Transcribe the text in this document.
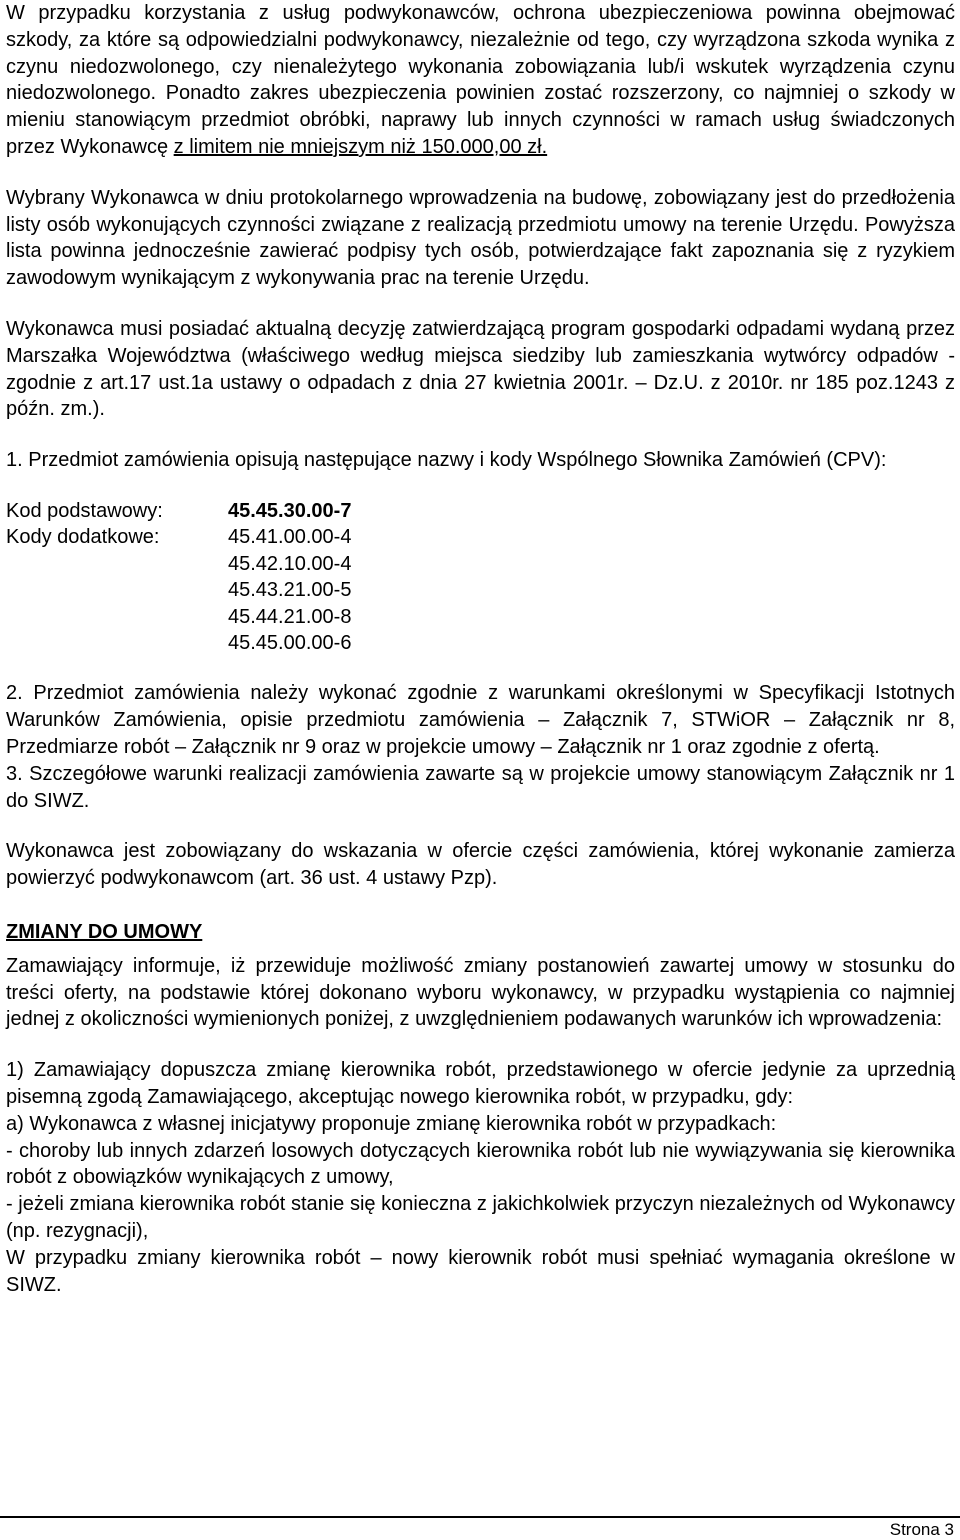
W przypadku korzystania z usług podwykonawców, ochrona ubezpieczeniowa powinna obejmować szkody, za które są odpowiedzialni podwykonawcy, niezależnie od tego, czy wyrządzona szkoda wynika z czynu niedozwolonego, czy nienależytego wykonania zobowiązania lub/i wskutek wyrządzenia czynu niedozwolonego. Ponadto zakres ubezpieczenia powinien zostać rozszerzony, co najmniej o szkody w mieniu stanowiącym przedmiot obróbki, naprawy lub innych czynności w ramach usług świadczonych przez Wykonawcę z limitem nie mniejszym niż 150.000,00 zł.

Wybrany Wykonawca w dniu protokolarnego wprowadzenia na budowę, zobowiązany jest do przedłożenia listy osób wykonujących czynności związane z realizacją przedmiotu umowy na terenie Urzędu. Powyższa lista powinna jednocześnie zawierać podpisy tych osób, potwierdzające fakt zapoznania się z ryzykiem zawodowym wynikającym z wykonywania prac na terenie Urzędu.

Wykonawca musi posiadać aktualną decyzję zatwierdzającą program gospodarki odpadami wydaną przez Marszałka Województwa (właściwego według miejsca siedziby lub zamieszkania wytwórcy odpadów - zgodnie z art.17 ust.1a ustawy o odpadach z dnia 27 kwietnia 2001r. – Dz.U. z 2010r. nr 185 poz.1243 z późn. zm.).

1. Przedmiot zamówienia opisują następujące nazwy i kody Wspólnego Słownika Zamówień (CPV):

Kod podstawowy:	45.45.30.00-7
Kody dodatkowe:	45.41.00.00-4
45.42.10.00-4
45.43.21.00-5
45.44.21.00-8
45.45.00.00-6

2. Przedmiot zamówienia należy wykonać zgodnie z warunkami określonymi w Specyfikacji Istotnych Warunków Zamówienia, opisie przedmiotu zamówienia – Załącznik 7, STWiOR – Załącznik nr 8, Przedmiarze robót – Załącznik nr 9 oraz w projekcie umowy – Załącznik nr 1 oraz zgodnie z ofertą.

3. Szczegółowe warunki realizacji zamówienia zawarte są w projekcie umowy stanowiącym Załącznik nr 1 do SIWZ.

Wykonawca jest zobowiązany do wskazania w ofercie części zamówienia, której wykonanie zamierza powierzyć podwykonawcom (art. 36 ust. 4 ustawy Pzp).

ZMIANY DO UMOWY

Zamawiający informuje, iż przewiduje możliwość zmiany postanowień zawartej umowy w stosunku do treści oferty, na podstawie której dokonano wyboru wykonawcy, w przypadku wystąpienia co najmniej jednej z okoliczności wymienionych poniżej, z uwzględnieniem podawanych warunków ich wprowadzenia:

1) Zamawiający dopuszcza zmianę kierownika robót, przedstawionego w ofercie jedynie za uprzednią pisemną zgodą Zamawiającego, akceptując nowego kierownika robót, w przypadku, gdy:

a) Wykonawca z własnej inicjatywy proponuje zmianę kierownika robót w przypadkach:

- choroby lub innych zdarzeń losowych dotyczących kierownika robót lub nie wywiązywania się kierownika robót z obowiązków wynikających z umowy,

- jeżeli zmiana kierownika robót stanie się konieczna z jakichkolwiek przyczyn niezależnych od Wykonawcy (np. rezygnacji),

W przypadku zmiany kierownika robót – nowy kierownik robót musi spełniać wymagania określone w SIWZ.

Strona 3
